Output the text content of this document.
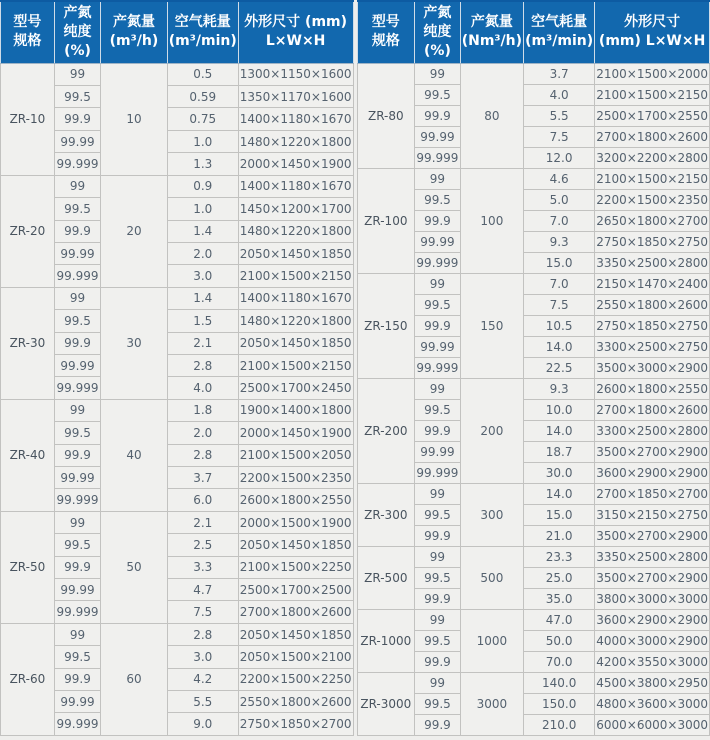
型号
规格

产氮
纯度
(%)

产氮量
(m³/h)

空气耗量
(m³/min)

外形尺寸 (mm)
L×W×H

ZR-10	99	10	0.5	1300×1150×1600
	99.5		0.59	1350×1170×1600
	99.9		0.75	1400×1180×1670
	99.99		1.0	1480×1220×1800
	99.999		1.3	2000×1450×1900
ZR-20	99	20	0.9	1400×1180×1670
	99.5		1.0	1450×1200×1700
	99.9		1.4	1480×1220×1800
	99.99		2.0	2050×1450×1850
	99.999		3.0	2100×1500×2150
ZR-30	99	30	1.4	1400×1180×1670
	99.5		1.5	1480×1220×1800
	99.9		2.1	2050×1450×1850
	99.99		2.8	2100×1500×2150
	99.999		4.0	2500×1700×2450
ZR-40	99	40	1.8	1900×1400×1800
	99.5		2.0	2000×1450×1900
	99.9		2.8	2100×1500×2050
	99.99		3.7	2200×1500×2350
	99.999		6.0	2600×1800×2550
ZR-50	99	50	2.1	2000×1500×1900
	99.5		2.5	2050×1450×1850
	99.9		3.3	2100×1500×2250
	99.99		4.7	2500×1700×2500
	99.999		7.5	2700×1800×2600
ZR-60	99	60	2.8	2050×1450×1850
	99.5		3.0	2050×1500×2100
	99.9		4.2	2200×1500×2250
	99.99		5.5	2550×1800×2600
	99.999		9.0	2750×1850×2700
型号
规格

产氮
纯度
(%)

产氮量
(Nm³/h)

空气耗量
(m³/min)

外形尺寸
(mm) L×W×H

ZR-80	99	80	3.7	2100×1500×2000
	99.5		4.0	2100×1500×2150
	99.9		5.5	2500×1700×2550
	99.99		7.5	2700×1800×2600
	99.999		12.0	3200×2200×2800
ZR-100	99	100	4.6	2100×1500×2150
	99.5		5.0	2200×1500×2350
	99.9		7.0	2650×1800×2700
	99.99		9.3	2750×1850×2750
	99.999		15.0	3350×2500×2800
ZR-150	99	150	7.0	2150×1470×2400
	99.5		7.5	2550×1800×2600
	99.9		10.5	2750×1850×2750
	99.99		14.0	3300×2500×2750
	99.999		22.5	3500×3000×2900
ZR-200	99	200	9.3	2600×1800×2550
	99.5		10.0	2700×1800×2600
	99.9		14.0	3300×2500×2800
	99.99		18.7	3500×2700×2900
	99.999		30.0	3600×2900×2900
ZR-300	99	300	14.0	2700×1850×2700
	99.5		15.0	3150×2150×2750
	99.9		21.0	3500×2700×2900
ZR-500	99	500	23.3	3350×2500×2800
	99.5		25.0	3500×2700×2900
	99.9		35.0	3800×3000×3000
ZR-1000	99	1000	47.0	3600×2900×2900
	99.5		50.0	4000×3000×2900
	99.9		70.0	4200×3550×3000
ZR-3000	99	3000	140.0	4500×3800×2950
	99.5		150.0	4800×3600×3000
	99.9		210.0	6000×6000×3000
